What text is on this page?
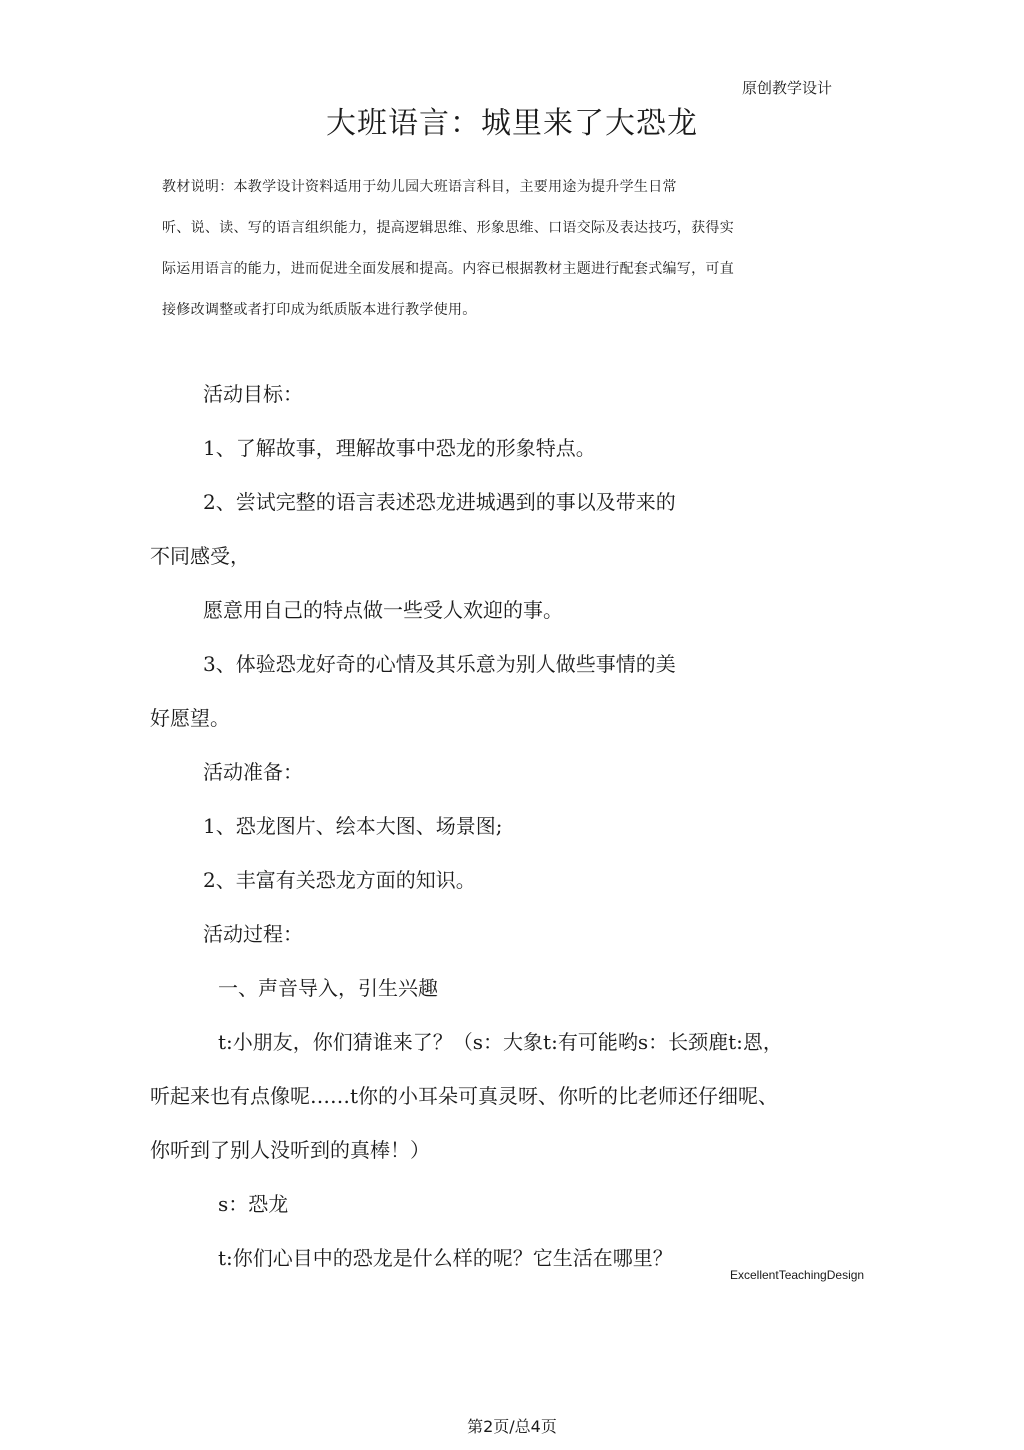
原创教学设计
大班语言：城里来了大恐龙
教材说明：本教学设计资料适用于幼儿园大班语言科目，主要用途为提升学生日常
听、说、读、写的语言组织能力，提高逻辑思维、形象思维、口语交际及表达技巧，获得实
际运用语言的能力，进而促进全面发展和提高。内容已根据教材主题进行配套式编写，可直
接修改调整或者打印成为纸质版本进行教学使用。
活动目标：
1、了解故事，理解故事中恐龙的形象特点。
2、尝试完整的语言表述恐龙进城遇到的事以及带来的
不同感受，
愿意用自己的特点做一些受人欢迎的事。
3、体验恐龙好奇的心情及其乐意为别人做些事情的美
好愿望。
活动准备：
1、恐龙图片、绘本大图、场景图;
2、丰富有关恐龙方面的知识。
活动过程：
一、声音导入，引生兴趣
t:小朋友，你们猜谁来了？（s：大象t:有可能哟s：长颈鹿t:恩，
听起来也有点像呢……t你的小耳朵可真灵呀、你听的比老师还仔细呢、
你听到了别人没听到的真棒！）
s：恐龙
t:你们心目中的恐龙是什么样的呢？它生活在哪里？
ExcellentTeachingDesign
第2页/总4页
